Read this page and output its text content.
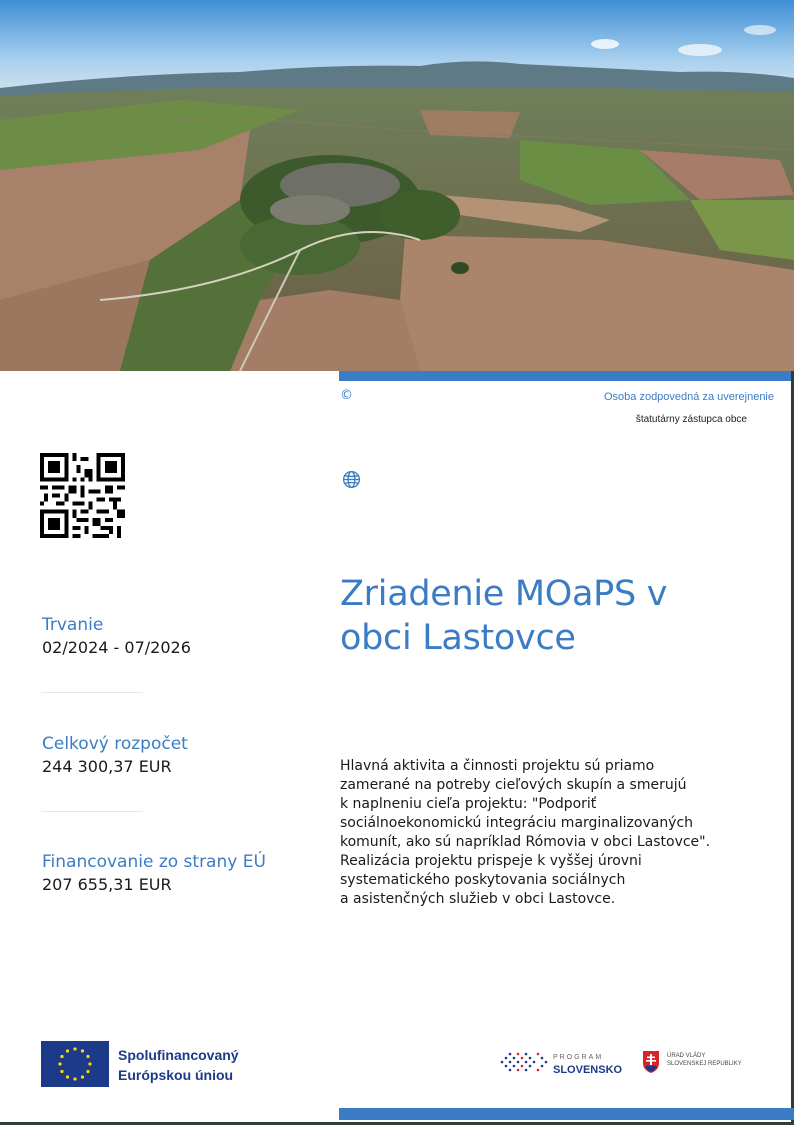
©	Osoba zodpovedná za uverejnenie
štatutárny zástupca obce
Zriadenie MOaPS v
obci Lastovce
Trvanie
02/2024 - 07/2026
Celkový rozpočet
244 300,37 EUR
Financovanie zo strany EÚ
207 655,31 EUR
Hlavná aktivita a činnosti projektu sú priamo
zamerané na potreby cieľových skupín a smerujú
k naplneniu cieľa projektu: "Podporiť
sociálnoekonomickú integráciu marginalizovaných
komunít, ako sú napríklad Rómovia v obci Lastovce".
Realizácia projektu prispeje k vyššej úrovni
systematického poskytovania sociálnych
a asistenčných služieb v obci Lastovce.
Spolufinancovaný
Európskou úniou
PROGRAM
SLOVENSKO
ÚRAD VLÁDY
SLOVENSKEJ REPUBLIKY
